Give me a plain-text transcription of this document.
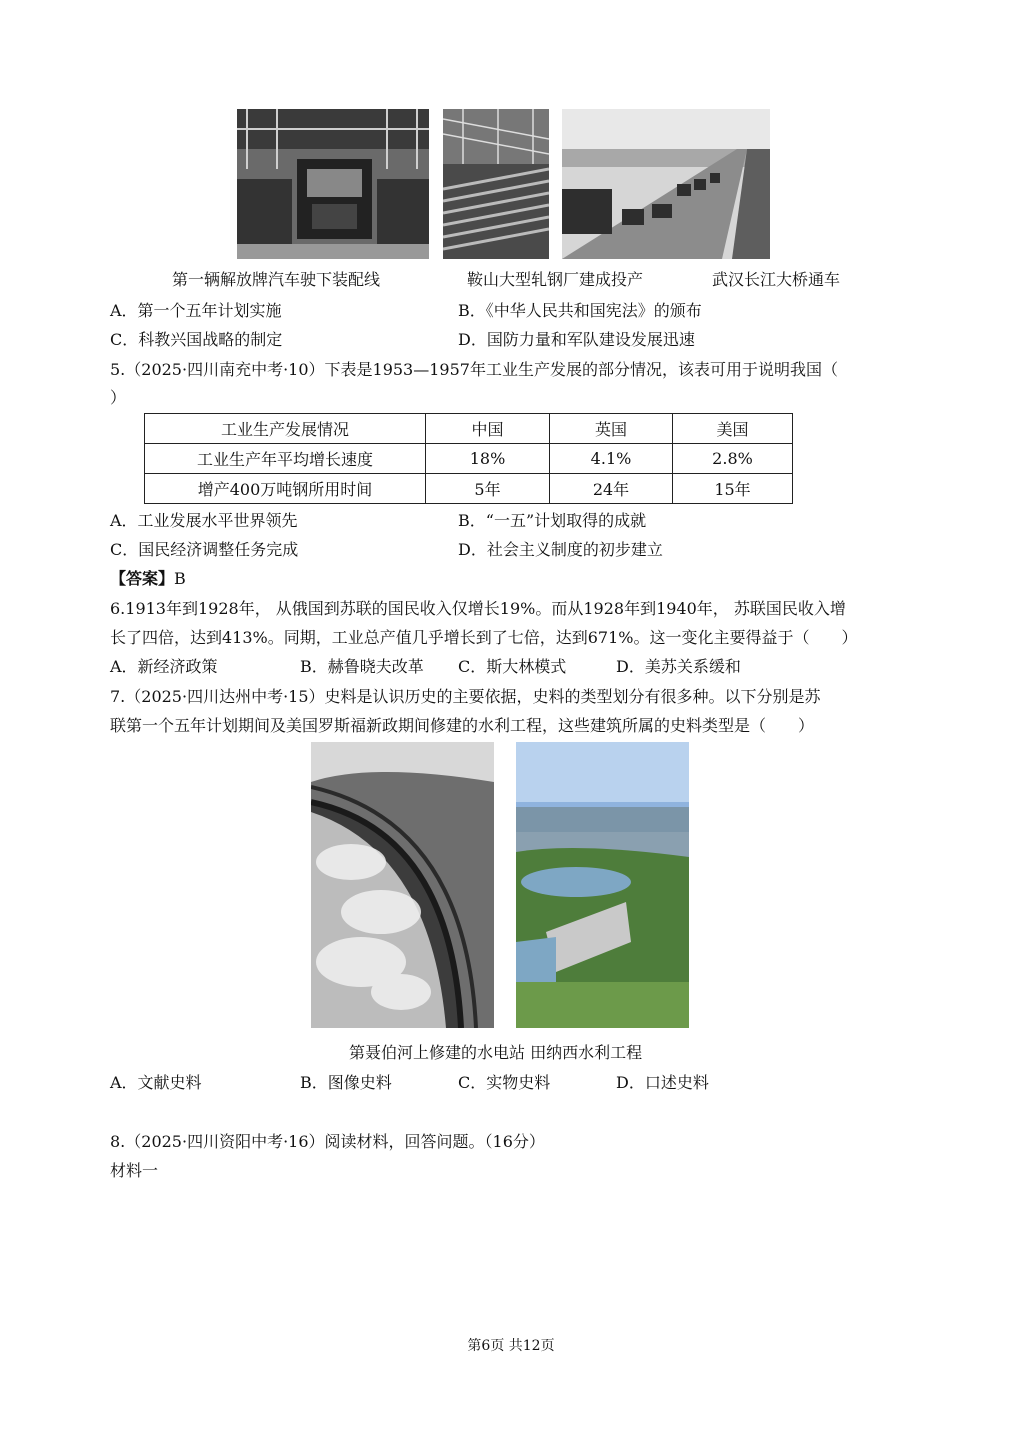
第一辆解放牌汽车驶下装配线	鞍山大型轧钢厂建成投产	武汉长江大桥通车
A．第一个五年计划实施	B．《中华人民共和国宪法》的颁布
C．科教兴国战略的制定	D．国防力量和军队建设发展迅速
5.（2025·四川南充中考·10）下表是1953—1957年工业生产发展的部分情况，该表可用于说明我国（
）
工业生产发展情况	中国	英国	美国
工业生产年平均增长速度	18%	4.1%	2.8%
增产400万吨钢所用时间	5年	24年	15年
A．工业发展水平世界领先	B．“一五”计划取得的成就
C．国民经济调整任务完成	D．社会主义制度的初步建立
【答案】B
6.1913年到1928年， 从俄国到苏联的国民收入仅增长19%。而从1928年到1940年， 苏联国民收入增
长了四倍，达到413%。同期，工业总产值几乎增长到了七倍，达到671%。这一变化主要得益于（　　）
A．新经济政策	B．赫鲁晓夫改革 C．斯大林模式	D．美苏关系缓和
7.（2025·四川达州中考·15）史料是认识历史的主要依据，史料的类型划分有很多种。以下分别是苏
联第一个五年计划期间及美国罗斯福新政期间修建的水利工程，这些建筑所属的史料类型是（　　）
第聂伯河上修建的水电站 田纳西水利工程
A．文献史料	B．图像史料	C．实物史料	D．口述史料
8.（2025·四川资阳中考·16）阅读材料，回答问题。（16分）
材料一
第6页 共12页
